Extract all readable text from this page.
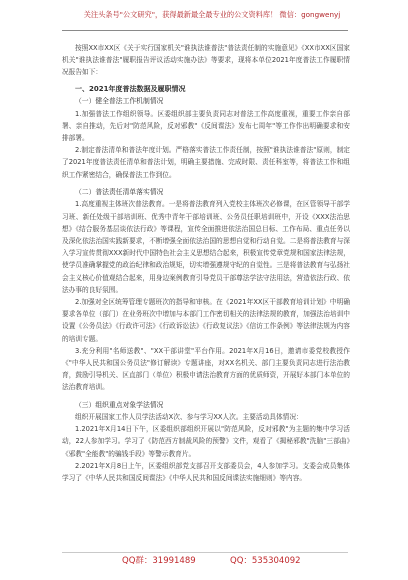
关注头条号"公文研究"，获得最新最全最专业的公文资料库！ 微信：gongwenyj

按照XX市XX区《关于实行国家机关"谁执法谁普法"普法责任制的实施意见》《XX市XX区国家机关"谁执法谁普法"履职报告评议活动实施办法》等要求，现将本单位2021年度普法工作履职情况报告如下：

一、2021年度普法数据及履职情况

（一）健全普法工作机制情况

1.加强普法工作组织领导。区委组织部主要负责同志对普法工作高度重视，重要工作亲自部署、亲自推动，先后对"防范风险，反对邪教"《反间谍法》发布七周年"等工作作出明确要求和安排部署。

2.制定普法清单和普法年度计划。严格落实普法工作责任制，按照"谁执法谁普法"原则，制定了2021年度普法责任清单和普法计划，明确主要措施、完成时限、责任科室等，将普法工作和组织工作紧密结合，确保普法工作到位。

（二）普法责任清单落实情况

1.高度重视主体班次普法教育。一是将普法教育列入党校主体班次必修课，在区管领导干部学习班、新任处级干部培训班、优秀中青年干部培训班、公务员任职培训班中，开设《XXX法治思想》《结合服务基层谈依法行政》等课程，宣传全面推进依法治国总目标、工作布局、重点任务以及深化依法治国实践新要求，不断增强全面依法治国的思想自觉和行动自觉。二是将普法教育与深入学习宣传贯彻XXX新时代中国特色社会主义思想结合起来，积极宣传党章党规和国家法律法规，使学员准确掌握党的政治纪律和政治规矩，切实增强遵规守纪的自觉性。三是将普法教育与弘扬社会主义核心价值观结合起来，用身边案例教育引导党员干部尊法学法守法用法，营造依法行政、依法办事的良好氛围。

2.加强对全区统筹管理专题班次的指导和审核。在《2021年XX区干部教育培训计划》中明确要求各单位（部门）在业务班次中增加与本部门工作密切相关的法律法规的教育，加强法治培训中设置《公务员法》《行政许可法》《行政诉讼法》《行政复议法》《信访工作条例》等法律法规为内容的培训专题。

3.充分利用"名师送教"、"XX干部讲堂"平台作用。2021年X月16日，邀请市委党校教授作《"中华人民共和国公务员法"修订解读》专题讲座，对XX名机关、部门主要负责同志进行法治教育，鼓励引导机关、区直部门（单位）积极申请法治教育方面的优质师资，开展好本部门本单位的法治教育培训。

（三）组织重点对象学法情况

组织开展国家工作人员学法活动X次、参与学习XX人次。主要活动具体情况：

1.2021年X月14日下午，区委组织部组织开展以"防范风险，反对邪教"为主题的集中学习活动，22人参加学习。学习了《防范西方制裁风险的预警》文件，观看了《揭秘邪教"洗脑"三部曲》《邪教"全能教"的骗钱手段》等警示教育片。

2.2021年X月8日上午，区委组织部党支部召开支部委员会，4人参加学习。支委会成员集体学习了《中华人民共和国反间谍法》《中华人民共和国反间谍法实施细则》等内容。

QQ群：31991489	QQ：535304092
